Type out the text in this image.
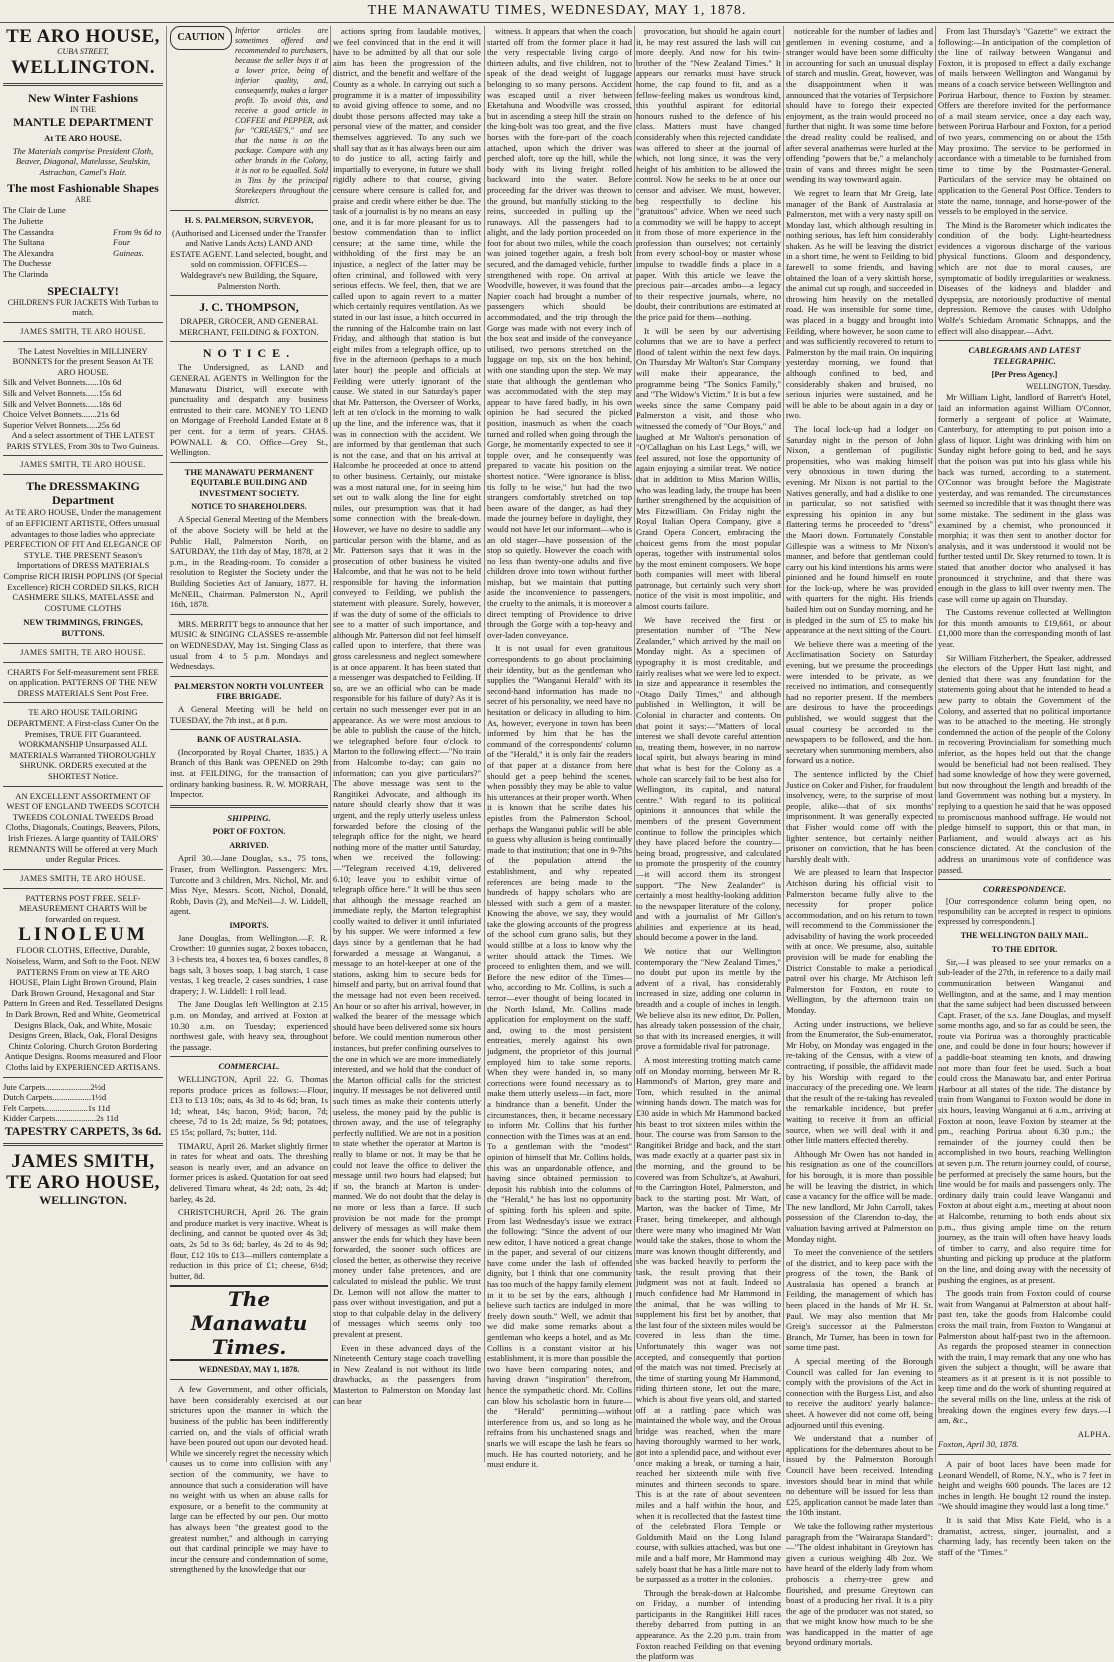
THE MANAWATU TIMES, WEDNESDAY, MAY 1, 1878.
TE ARO HOUSE,
CUBA STREET,
WELLINGTON.
New Winter Fashions
IN THE
MANTLE DEPARTMENT
At TE ARO HOUSE.
The Materials comprise President Cloth, Beaver, Diagonal, Matelasse, Sealskin, Astrachan, Camel's Hair.
The most Fashionable Shapes
ARE
The Clair de Lune
The Juliette
The Cassandra
The Sultana
The Alexandra
The Duchesse
The Clarinda
From 9s 6d to Four Guineas.
SPECIALTY!
CHILDREN'S FUR JACKETS With Turban to match.
JAMES SMITH, TE ARO HOUSE.
The Latest Novelties in MILLINERY BONNETS for the present Season At TE ARO HOUSE.
Silk and Velvet Bonnets......10s 6d
Silk and Velvet Bonnets......15s 6d
Silk and Velvet Bonnets......18s 6d
Choice Velvet Bonnets.......21s 6d
Superior Velvet Bonnets.....25s 6d
And a select assortment of THE LATEST PARIS STYLES, From 30s to Two Guineas.
JAMES SMITH, TE ARO HOUSE.
The DRESSMAKING Department
At TE ARO HOUSE, Under the management of an EFFICIENT ARTISTE, Offers unusual advantages to those ladies who appreciate PERFECTION OF FIT And ELEGANCE OF STYLE. THE PRESENT Season's Importations of DRESS MATERIALS Comprise RICH IRISH POPLINS (Of Special Excellence) RICH CORDED SILKS, RICH CASHMERE SILKS, MATELASSE and COSTUME CLOTHS
NEW TRIMMINGS, FRINGES, BUTTONS.
JAMES SMITH, TE ARO HOUSE.
CHARTS For Self-measurement sent FREE on application. PATTERNS OF THE NEW DRESS MATERIALS Sent Post Free.
TE ARO HOUSE TAILORING DEPARTMENT. A First-class Cutter On the Premises, TRUE FIT Guaranteed. WORKMANSHIP Unsurpassed ALL MATERIALS Warranted THOROUGHLY SHRUNK. ORDERS executed at the SHORTEST Notice.
AN EXCELLENT ASSORTMENT OF WEST OF ENGLAND TWEEDS SCOTCH TWEEDS COLONIAL TWEEDS Broad Cloths, Diagonals, Coatings, Beavers, Pilots, Irish Friezes. A large quantity of TAILORS' REMNANTS Will be offered at very Much under Regular Prices.
JAMES SMITH, TE ARO HOUSE.
PATTERNS POST FREE. SELF-MEASUREMENT CHARTS Will be forwarded on request.
LINOLEUM
FLOOR CLOTHS, Effective, Durable, Noiseless, Warm, and Soft to the Foot. NEW PATTERNS From on view at TE ARO HOUSE, Plain Light Brown Ground, Plain Dark Brown Ground, Hexagonal and Star Pattern In Green and Red. Tessellated Designs In Dark Brown, Red and White, Geometrical Designs Black, Oak, and White, Mosaic Designs Green, Black, Oak, Floral Designs Chintz Coloring. Church Groton Bordering Antique Designs. Rooms measured and Floor Cloths laid by EXPERIENCED ARTISANS.
Jute Carpets.....................2½d
Dutch Carpets..................1½d
Felt Carpets....................1s 11d
Kidder Carpets...................2s 11d
TAPESTRY CARPETS, 3s 6d.
JAMES SMITH,
TE ARO HOUSE,
WELLINGTON.
CAUTION
Inferior articles are sometimes offered and recommended to purchasers, because the seller buys it at a lower price, being of inferior quality, and, consequently, makes a larger profit. To avoid this, and receive a good article in COFFEE and PEPPER, ask for "CREASE'S," and see that the name is on the package. Compare with any other brands in the Colony, it is not to be equalled. Sold in Tins by the principal Storekeepers throughout the district.
H. S. PALMERSON, SURVEYOR,
(Authorised and Licensed under the Transfer and Native Lands Acts) LAND AND ESTATE AGENT. Land selected, bought, and sold on commission. OFFICES—Waldegrave's new Building, the Square, Palmerston North.
J. C. THOMPSON,
DRAPER, GROCER, AND GENERAL MERCHANT, FEILDING & FOXTON.
NOTICE.

The Undersigned, as LAND and GENERAL AGENTS in Wellington for the Manawatu District, will execute with punctuality and despatch any business entrusted to their care. MONEY TO LEND on Mortgage of Freehold Landed Estate at 8 per cent. for a term of years. CHAS. POWNALL & CO. Office—Grey St., Wellington.

THE MANAWATU PERMANENT EQUITABLE BUILDING AND INVESTMENT SOCIETY.
NOTICE TO SHAREHOLDERS.

A Special General Meeting of the Members of the above Society will be held at the Public Hall, Palmerston North, on SATURDAY, the 11th day of May, 1878, at 2 p.m., in the Reading-room. To consider a resolution to Register the Society under the Building Societies Act of January, 1877. H. McNEIL, Chairman. Palmerston N., April 16th, 1878.

MRS. MERRITT begs to announce that her MUSIC & SINGING CLASSES re-assemble on WEDNESDAY, May 1st. Singing Class as usual from 4 to 5 p.m. Mondays and Wednesdays.

PALMERSTON NORTH VOLUNTEER FIRE BRIGADE.

A General Meeting will be held on TUESDAY, the 7th inst., at 8 p.m.

BANK OF AUSTRALASIA.

(Incorporated by Royal Charter, 1835.) A Branch of this Bank was OPENED on 29th inst. at FEILDING, for the transaction of ordinary banking business. R. W. MORRAH, Inspector.

SHIPPING.
PORT OF FOXTON.
ARRIVED.

April 30.—Jane Douglas, s.s., 75 tons, Fraser, from Wellington. Passengers: Mrs. Turcotte and 3 children, Mrs. Nichol, Mr. and Miss Nye, Messrs. Scott, Nichol, Donald, Robb, Davis (2), and McNeil—J. W. Liddell, agent.

IMPORTS.

Jane Douglas, from Wellington.—F. R. Crowther: 10 gunnies sugar, 2 boxes tobacco, 3 i-chests tea, 4 boxes tea, 6 boxes candles, 8 bags salt, 3 boxes soap, 1 bag starch, 1 case vestas, 1 keg treacle, 2 cases sundries, 1 case drapery; J. W. Liddell: 1 roll lead.

The Jane Douglas left Wellington at 2.15 p.m. on Monday, and arrived at Foxton at 10.30 a.m. on Tuesday; experienced northwest gale, with heavy sea, throughout the passage.

COMMERCIAL.

WELLINGTON, April 22. G. Thomas reports produce prices as follows:—Flour, £13 to £13 10s; oats, 4s 3d to 4s 6d; bran, 1s 1d; wheat, 14s; bacon, 9½d; bacon, 7d; cheese, 7d to 1s 2d; maize, 5s 9d; potatoes, £5 15s; pollard, 7s; butter, 11d.

TIMARU, April 26. Market slightly firmer in rates for wheat and oats. The threshing season is nearly over, and an advance on former prices is asked. Quotation for oat seed delivered Timaru wheat, 4s 2d; oats, 2s 4d; barley, 4s 2d.

CHRISTCHURCH, April 26. The grain and produce market is very inactive. Wheat is declining, and cannot be quoted over 4s 3d; oats, 2s 5d to 3s 6d; barley, 4s 2d to 4s 9d; flour, £12 10s to £13—millers contemplate a reduction in this price of £1; cheese, 6½d; butter, 8d.

The Manawatu Times.
WEDNESDAY, MAY 1, 1878.

A few Government, and other officials, have been considerably exercised at our strictures upon the manner in which the business of the public has been indifferently carried on, and the vials of official wrath have been poured out upon our devoted head. While we sincerely regret the necessity which causes us to come into collision with any section of the community, we have to announce that such a consideration will have no weight with us when an abuse calls for exposure, or a benefit to the community at large can be effected by our pen. Our motto has always been "the greatest good to the greatest number," and although in carrying out that cardinal principle we may have to incur the censure and condemnation of some, strengthened by the knowledge that our

actions spring from laudable motives, we feel convinced that in the end it will have to be admitted by all that our sole aim has been the progression of the district, and the benefit and welfare of the County as a whole. In carrying out such a programme it is a matter of impossibility to avoid giving offence to some, and no doubt those persons affected may take a personal view of the matter, and consider themselves aggrieved. To any such we shall say that as it has always been our aim to do justice to all, acting fairly and impartially to everyone, in future we shall rigidly adhere to that course, giving censure where censure is called for, and praise and credit where either be due. The task of a journalist is by no means an easy one, and it is far more pleasant for us to bestow commendation than to inflict censure; at the same time, while the withholding of the first may be an injustice, a neglect of the latter may be often criminal, and followed with very serious effects. We feel, then, that we are called upon to again revert to a matter which certainly requires ventilation. As we stated in our last issue, a hitch occurred in the running of the Halcombe train on last Friday, and although that station is but eight miles from a telegraph office, up to five in the afternoon (perhaps to a much later hour) the people and officials at Feilding were utterly ignorant of the cause. We stated in our Saturday's paper that Mr. Patterson, the Overseer of Works, left at ten o'clock in the morning to walk up the line, and the inference was, that it was in connection with the accident. We are informed by that gentleman that such is not the case, and that on his arrival at Halcombe he proceeded at once to attend to other business. Certainly, our mistake was a most natural one, for in seeing him set out to walk along the line for eight miles, our presumption was that it had some connection with the break-down. However, we have no desire to saddle any particular person with the blame, and as Mr. Patterson says that it was in the prosecution of other business he visited Halcombe, and that he was not to be held responsible for having the information conveyed to Feilding, we publish the statement with pleasure. Surely, however, if was the duty of some of the officials to see to a matter of such importance, and although Mr. Patterson did not feel himself called upon to interfere, that there was gross carelessness and neglect somewhere is at once apparent. It has been stated that a messenger was despatched to Feilding. If so, are we an official who can be made responsible for his failure of duty? As it is certain no such messenger ever put in an appearance. As we were most anxious to be able to publish the cause of the hitch, we telegraphed before four o'clock to Marton to the following effect:—"No train from Halcombe to-day; can gain no information; can you give particulars?" The above message was sent to the Rangitikei Advocate, and although its nature should clearly show that it was urgent, and the reply utterly useless unless forwarded before the closing of the telegraph office for the night, we heard nothing more of the matter until Saturday, when we received the following:—"Telegram received 4.19, delivered 6.10; leave you to exhibit virtue of telegraph office here." It will be thus seen that although the message reached an immediate reply, the Marton telegraphist coolly waited to deliver it until infuriated by his supper. We were informed a few days since by a gentleman that he had forwarded a message at Wanganui, a message to an hotel-keeper at one of the stations, asking him to secure beds for himself and party, but on arrival found that the message had not even been received. An hour or so after his arrival, however, in walked the bearer of the message which should have been delivered some six hours before. We could mention numerous other instances, but prefer confining ourselves to the one in which we are more immediately interested, and we hold that the conduct of the Marton official calls for the strictest inquiry. If messages be not delivered until such times as make their contents utterly useless, the money paid by the public is thrown away, and the use of telegraphy perfectly nullified. We are not in a position to state whether the operator at Marton is really to blame or not. It may be that he could not leave the office to deliver the message until two hours had elapsed; but if so, the branch at Marton is under-manned. We do not doubt that the delay is no more or less than a farce. If such provision be not made for the prompt delivery of messages as will make them answer the ends for which they have been forwarded, the sooner such offices are closed the better, as otherwise they receive money under false pretences, and are calculated to mislead the public. We trust Dr. Lemon will not allow the matter to pass over without investigation, and put a stop to that culpable delay in the delivery of messages which seems only too prevalent at present.

Even in these advanced days of the Nineteenth Century stage coach travelling in New Zealand is not without its little drawbacks, as the passengers from Masterton to Palmerston on Monday last can bear

witness. It appears that when the coach started off from the former place it had the very respectable living cargo of thirteen adults, and five children, not to speak of the dead weight of luggage belonging to so many persons. Accident was escaped until a river between Eketahuna and Woodville was crossed, but in ascending a steep hill the strain on the king-bolt was too great, and the five horses with the fore-part of the coach attached, upon which the driver was perched aloft, tore up the hill, while the body with its living freight rolled backward into the water. Before proceeding far the driver was thrown to the ground, but manfully sticking to the reins, succeeded in pulling up the runaways. All the passengers had to alight, and the lady portion proceeded on foot for about two miles, while the coach was joined together again, a fresh bolt secured, and the damaged vehicle, further strengthened with rope. On arrival at Woodville, however, it was found that the Napier coach had brought a number of passengers which should be accommodated, and the trip through the Gorge was made with not every inch of the box seat and inside of the conveyance utilised, two persons stretched on the luggage on top, six on the box behind, with one standing upon the step. We may state that although the gentleman who was accommodated with the step may appear to have fared badly, in his own opinion he had secured the picked position, inasmuch as when the coach turned and rolled when going through the Gorge, he momentarily expected to see it topple over, and he consequently was prepared to vacate his position on the shortest notice. "Were ignorance is bliss, tis folly to be wise," but had the two strangers comfortably stretched on top been aware of the danger, as had they made the journey before in daylight, they would not have let our informant—who is an old stager—have possession of the stop so quietly. However the coach with no less than twenty-one adults and five children drove into town without further mishap, but we maintain that putting aside the inconvenience to passengers, the cruelty to the animals, it is moreover a direct tempting of Providence to drive through the Gorge with a top-heavy and over-laden conveyance.

It is not usual for even gratuitous correspondents to go about proclaiming their identity, but as the gentleman who supplies the "Wanganui Herald" with its second-hand information has made no secret of his personality, we need have no hesitation or delicacy in alluding to him. As, however, everyone in town has been informed by him that he has the command of the correspondents' column of the "Herald," it is only fair the readers of that paper at a distance from here should get a peep behind the scenes, when possibly they may be able to value his utterances at their proper worth. When it is known that he scribe dates his epistles from the Palmerston School, perhaps the Wanganui public will be able to guess why allusion is being continually made to that institution; that one in 9-7ths of the population attend the establishment, and why repeated references are being made to the hundreds of happy scholars who are blessed with such a gem of a master. Knowing the above, we say, they would take the glowing accounts of the progress of the school cum grano salis, but they would stillbe at a loss to know why the writer should attack the Times. We proceed to enlighten them, and we will. Before the new editor of the Times—who, according to Mr. Collins, is such a terror—ever thought of being located in the North Island, Mr. Collins made application for employment on the staff, and, owing to the most persistent entreaties, merely against his own judgment, the proprietor of this journal employed him to take some reports. When they were handed in, so many corrections were found necessary as to make them utterly useless—in fact, more a hindrance than a benefit. Under the circumstances, then, it became necessary to inform Mr. Collins that his further connection with the Times was at an end. To a gentleman with the "modest" opinion of himself that Mr. Collins holds, this was an unpardonable offence, and having since obtained permission to deposit his rubbish into the columns of the "Herald," he has lost no opportunity of spitting forth his spleen and spite. From last Wednesday's issue we extract the following: "Since the advent of our new editor, I have noticed a great change in the paper, and several of our citizens have come under the lash of offended dignity, but I think that one community has too much of the happy family element in it to be set by the ears, although I believe such tactics are indulged in more freely down south." Well, we admit that we did make some remarks about a gentleman who keeps a hotel, and as Mr. Collins is a constant visitor at his establishment, it is more than possible the two have been comparing notes, and having drawn "inspiration" therefrom, hence the sympathetic chord. Mr. Collins can blow his scholastic horn in future—the "Herald" permitting—without interference from us, and so long as he refrains from his unchastened snags and snarls we will escape the lash he fears so much. He has courted notoriety, and he must endure it.

provocation, but should he again court it, he may rest assured the lash will cut more deeply. And now for his twin-brother of the "New Zealand Times." It appears our remarks must have struck home, the cap found to fit, and as a fellow-feeling makes us wondrous kind, this youthful aspirant for editorial honours rushed to the defence of his class. Matters must have changed considerably when this rejected candidate was offered to sheer at the journal of which, not long since, it was the very height of his ambition to be allowed the control. Now he seeks to be at once our censor and adviser. We must, however, beg respectfully to decline his "gratuitous" advice. When we need such a commodity we will be happy to accept it from those of more experience in the profession than ourselves; not certainly from every school-boy or master whose impulse to twaddle finds a place in a paper. With this article we leave the precious pair—arcades ambo—a legacy to their respective journals, where, no doubt, their contributions are estimated at the price paid for them—nothing.

It will be seen by our advertising columns that we are to have a perfect flood of talent within the next few days. On Thursday Mr Walton's Star Company will make their appearance, the programme being "The Sonics Family," and "The Widow's Victim." It is but a few weeks since the same Company paid Palmerston a visit, and those who witnessed the comedy of "Our Boys," and laughed at Mr Walton's personation of "O'Callaghan on his Last Legs," will, we feel assured, not lose the opportunity of again enjoying a similar treat. We notice that in addition to Miss Marion Willis, who was leading lady, the troupe has been further strengthened by the acquisition of Mrs Fitzwilliam. On Friday night the Royal Italian Opera Company, give a Grand Opera Concert, embracing the choicest gems from the most popular operas, together with instrumental solos by the most eminent composers. We hope both companies will meet with liberal patronage, but certainly such very short notice of the visit is most impolitic, and almost courts failure.

We have received the first or presentation number of "The New Zealander," which arrived by the mail on Monday night. As a specimen of typography it is most creditable, and fairly realises what we were led to expect. In size and appearance it resembles the "Otago Daily Times," and although published in Wellington, it will be Colonial in character and contents. On that point it says:—"Matters of local interest we shall devote careful attention to, treating them, however, in no narrow local spirit, but always bearing in mind that what is best for the Colony as a whole can scarcely fail to be best also for Wellington, its capital, and natural centre." With regard to its political opinions it announces that while the members of the present Government continue to follow the principles which they have placed before the country—being broad, progressive, and calculated to promote the prosperity of the country—it will accord them its strongest support. "The New Zealander" is certainly a most healthy-looking addition to the newspaper literature of the colony, and with a journalist of Mr Gillon's abilities and experience at its head, should become a power in the land.

We notice that our Wellington contemporary the "New Zealand Times," no doubt put upon its mettle by the advent of a rival, has considerably increased in size, adding one column in breadth and a couple of inches in length. We believe also its new editor, Dr. Pollen, has already taken possession of the chair, so that with its increased energies, it will prove a formidable rival for patronage.

A most interesting trotting match came off on Monday morning, between Mr R. Hammond's of Marton, grey mare and Tom, which resulted in the animal winning hands down. The match was for £30 aside in which Mr Hammond backed his beast to trot sixteen miles within the hour. The course was from Sanson to the Rangitikei Bridge and back, and the start was made exactly at a quarter past six in the morning, and the ground to be covered was from Schultze's, at Awahuri, to the Carrington Hotel, Palmerston, and back to the starting post. Mr Watt, of Marton, was the backer of Time, Mr Fraser, being timekeeper, and although there were many who imagined Mr Watt would take the stakes, those to whom the mare was known thought differently, and she was backed heavily to perform the task, the result proving that their judgment was not at fault. Indeed so much confidence had Mr Hammond in the animal, that he was willing to supplement his first bet by another, that the last four of the sixteen miles would be covered in less than the time. Unfortunately this wager was not accepted, and consequently that portion of the match was not timed. Precisely at the time of starting young Mr Hammond, riding thirteen stone, let out the mare, which is about five years old, and started off at a rattling pace which was maintained the whole way, and the Oroua bridge was reached, when the mare having thoroughly warmed to her work, got into a splendid pace, and without ever once making a break, or turning a hair, reached her sixteenth mile with five minutes and thirteen seconds to spare. This is at the rate of about seventeen miles and a half within the hour, and when it is recollected that the fastest time of the celebrated Flora Temple or Goldsmith Maid on the Long Island course, with sulkies attached, was but one mile and a half more, Mr Hammond may safely boast that he has a little mare not to be surpassed as a trotter in the colonies.

Through the break-down at Halcombe on Friday, a number of intending participants in the Rangitikei Hill races thereby debarred from putting in an appearance. As the 2.20 p.m. train from Foxton reached Feilding on that evening the platform was

noticeable for the number of ladies and gentlemen in evening costume, and a stranger would have been some difficulty in accounting for such an unusual display of starch and muslin. Great, however, was the disappointment when it was announced that the votaries of Terpsichore should have to forego their expected enjoyment, as the train would proceed no further that night. It was some time before the dread reality could be realised, and after several anathemas were hurled at the offending "powers that be," a melancholy train of vans and threes might be seen wending its way townward again.

We regret to learn that Mr Greig, late manager of the Bank of Australasia at Palmerston, met with a very nasty spill on Monday last, which although resulting in nothing serious, has left him considerably shaken. As he will be leaving the district in a short time, he went to Feilding to bid farewell to some friends, and having obtained the loan of a very skittish horse, the animal cut up rough, and succeeded in throwing him heavily on the metalled road. He was insensible for some time, was placed in a buggy and brought into Feilding, where however, he soon came to and was sufficiently recovered to return to Palmerston by the mail train. On inquiring yesterday morning, we found that although confined to bed, and considerably shaken and bruised, no serious injuries were sustained, and he will be able to be about again in a day or two.

The local lock-up had a lodger on Saturday night in the person of John Nixon, a gentleman of pugilistic propensities, who was making himself very obnoxious in town during the evening. Mr Nixon is not partial to the Natives generally, and had a dislike to one in particular, so not satisfied with expressing his opinion in any but flattering terms he proceeded to "dress" the Maori down. Fortunately Constable Gillespie was a witness to Mr Nixon's manner, and before that gentleman could carry out his kind intentions his arms were pinioned and he found himself en route for the lock-up, where he was provided with quarters for the night. His friends bailed him out on Sunday morning, and he is pledged in the sum of £5 to make his appearance at the next sitting of the Court.

We believe there was a meeting of the Acclimatisation Society on Saturday evening, but we presume the proceedings were intended to be private, as we received no intimation, and consequently had no reporter present. If the members are desirous to have the proceedings published, we would suggest that the usual courtesy be accorded to the newspapers to be followed, and the hon. secretary when summoning members, also forward us a notice.

The sentence inflicted by the Chief Justice on Coker and Fisher, for fraudulent insolvency, were, to the surprise of most people, alike—that of six months' imprisonment. It was generally expected that Fisher would come off with the lighter sentence, but certainly neither prisoner on conviction, that he has been harshly dealt with.

We are pleased to learn that Inspector Atchison during his official visit to Palmerston became fully alive to the necessity for proper police accommodation, and on his return to town will recommend to the Commissioner the advisability of having the work proceeded with at once. We presume, also, suitable provision will be made for enabling the District Constable to make a periodical patrol over his charge. Mr Atchison left Palmerston for Foxton, en route to Wellington, by the afternoon train on Monday.

Acting under instructions, we believe from the Enumerator, the Sub-enumerator, Mr Hoby, on Monday was engaged in the re-taking of the Census, with a view of contracting, if possible, the affidavit made by his Worship with regard to the inaccuracy of the preceding one. We learn that the result of the re-taking has revealed the remarkable incidence, but prefer waiting to receive it from an official source, when we will deal with it and other little matters effected thereby.

Although Mr Owen has not handed in his resignation as one of the councillors for his borough, it is more than possible he will be leaving the district, in which case a vacancy for the office will be made. The new landlord, Mr John Carroll, takes possession of the Clarendon to-day, the valuation having arrived at Palmerston on Monday night.

To meet the convenience of the settlers of the district, and to keep pace with the progress of the town, the Bank of Australasia has opened a branch at Feilding, the management of which has been placed in the hands of Mr H. St. Paul. We may also mention that Mr Greig's successor at the Palmerston Branch, Mr Turner, has been in town for some time past.

A special meeting of the Borough Council was called for Jan evening to comply with the provisions of the Act in connection with the Burgess List, and also to receive the auditors' yearly balance-sheet. A however did not come off, being adjourned until this evening.

We understand that a number of applications for the debentures about to be issued by the Palmerston Borough Council have been received. Intending investors should bear in mind that while no debenture will be issued for less than £25, application cannot be made later than the 10th instant.

We take the following rather mysterious paragraph from the "Wairarapa Standard":—"The oldest inhabitant in Greytown has given a curious weighing 4lb 2oz. We have heard of the elderly lady from whom proboscis a cherry-tree grew and flourished, and presume Greytown can boast of a producing her rival. It is a pity the age of the producer was not stated, so that we might know how much to be she was handicapped in the matter of age beyond ordinary mortals.

From last Thursday's "Gazette" we extract the following:—In anticipation of the completion of the line of railway between Wanganui and Foxton, it is proposed to effect a daily exchange of mails between Wellington and Wanganui by means of a coach service between Wellington and Porirua Harbour, thence to Foxton by steamer. Offers are therefore invited for the performance of a mail steam service, once a day each way, between Porirua Harbour and Foxton, for a period of two years, commencing on or about the 15th May proximo. The service to be performed in accordance with a timetable to be furnished from time to time by the Postmaster-General. Particulars of the service may be obtained on application to the General Post Office. Tenders to state the name, tonnage, and horse-power of the vessels to be employed in the service.

The Mind is the Barometer which indicates the condition of the body. Light-heartedness evidences a vigorous discharge of the various physical functions. Gloom and despondency, which are not due to moral causes, are symptomatic of bodily irregularities or weakness. Diseases of the kidneys and bladder and dyspepsia, are notoriously productive of mental depression. Remove the causes with Udolpho Wolfe's Schiedam Aromatic Schnapps, and the effect will also disappear.—Advt.

CABLEGRAMS AND LATEST TELEGRAPHIC.
[Per Press Agency.]
WELLINGTON, Tuesday.

Mr William Light, landlord of Barrett's Hotel, laid an information against William O'Connor, formerly a sergeant of police at Waimate, Canterbury, for attempting to put poison into a glass of liquor. Light was drinking with him on Sunday night before going to bed, and he says that the poison was put into his glass while his back was turned, according to a statement. O'Connor was brought before the Magistrate yesterday, and was remanded. The circumstances seemed so incredible that it was thought there was some mistake. The sediment in the glass was examined by a chemist, who pronounced it morphia; it was then sent to another doctor for analysis, and it was understood it would not be further tested until Dr. Skey returned to town. It is stated that another doctor who analysed it has pronounced it strychnine, and that there was enough in the glass to kill over twenty men. The case will come up again on Thursday.

The Customs revenue collected at Wellington for this month amounts to £19,661, or about £1,000 more than the corresponding month of last year.

Sir William Fitzherbert, the Speaker, addressed the electors of the Upper Hutt last night, and denied that there was any foundation for the statements going about that he intended to head a new party to obtain the Government of the Colony, and asserted that no political importance was to be attached to the meeting. He strongly condemned the action of the people of the Colony in recovering Provincialism for something much inferior, as the hopes held out that the change would be beneficial had not been realised. They had some knowledge of how they were governed, but now throughout the length and breadth of the land Government was nothing but a mystery. In replying to a question he said that he was opposed to promiscuous manhood suffrage. He would not pledge himself to support, this or that man, in Parliament, and would always act as his conscience dictated. At the conclusion of the address an unanimous vote of confidence was passed.

CORRESPONDENCE.

[Our correspondence column being open, no responsibility can be accepted in respect to opinions expressed by correspondents.]

THE WELLINGTON DAILY MAIL.
TO THE EDITOR.

Sir,—I was pleased to see your remarks on a sub-leader of the 27th, in reference to a daily mail communication between Wanganui and Wellington, and at the same, and I may mention that the same subject had been discussed between Capt. Fraser, of the s.s. Jane Douglas, and myself some months ago, and so far as could be seen, the route via Porirua was a thoroughly practicable one, and could be done in four hours; however if a paddle-boat steaming ten knots, and drawing not more than four feet be used. Such a boat could cross the Manawatu bar, and enter Porirua Harbour at all states of the tide. The distance by train from Wanganui to Foxton would be done in six hours, leaving Wanganui at 6 a.m., arriving at Foxton at noon, leave Foxton by steamer at the pm., reaching Porirua about 6.30 p.m.; the remainder of the journey could then be accomplished in two hours, reaching Wellington at seven p.m. The return journey could, of course, be performed at precisely the same hours, but the line would be for mails and passengers only. The ordinary daily train could leave Wanganui and Foxton at about eight a.m., meeting at about noon at Halcombe, returning to both ends about six p.m., thus giving ample time on the return journey, as the train will often have heavy loads of timber to carry, and also require time for shunting and picking up produce at the platform on the line, and doing away with the necessity of pushing the engines, as at present.

The goods train from Foxton could of course wait from Wanganui at Palmerston at about half-past ten, take the goods from Halcombe could cross the mail train, from Foxton to Wanganui at Palmerston about half-past two in the afternoon. As regards the proposed steamer in connection with the train, I may remark that any one who has given the subject a thought, will be aware that steamers as it at present is it is not possible to keep time and do the work of shunting required at the several mills on the line, unless at the risk of breaking down the engines every few days.—I am, &c.,

ALPHA.
Foxton, April 30, 1878.

A pair of boot laces have been made for Leonard Wendell, of Rome, N.Y., who is 7 feet in height and weighs 600 pounds. The laces are 12 inches in length. He bought 12 round the instep. "We should imagine they would last a long time."

It is said that Miss Kate Field, who is a dramatist, actress, singer, journalist, and a charming lady, has recently been taken on the staff of the "Times."
